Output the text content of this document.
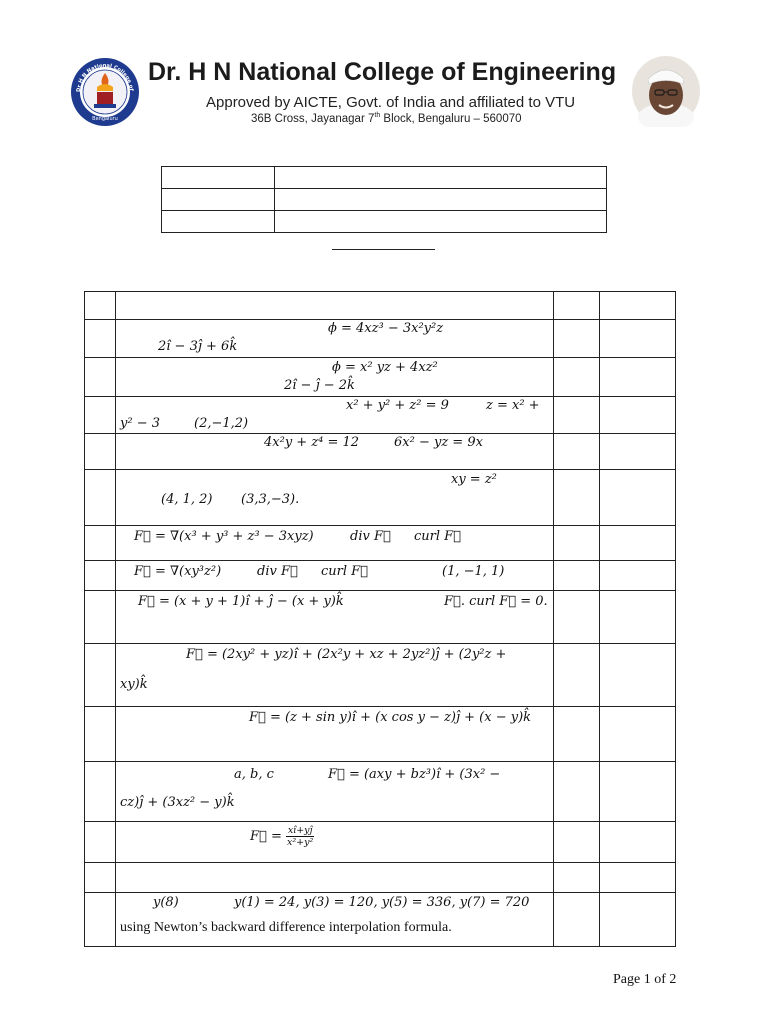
Dr H N National College of
Bengaluru
Dr. H N National College of Engineering
Approved by AICTE, Govt. of India and affiliated to VTU
36B Cross, Jayanagar 7th Block, Bengaluru – 560070

	ϕ = 4xz³ − 3x²y²z
2î − 3ĵ + 6k̂		

	ϕ = x² yz + 4xz²
2î − ĵ − 2k̂		

	x² + y² + z² = 9 z = x² +
y² − 3 (2,−1,2)		

	4x²y + z⁴ = 12 6x² − yz = 9x		

	xy = z²
(4, 1, 2) (3,3,−3).		

	F⃗ = ∇(x³ + y³ + z³ − 3xyz) div F⃗ curl F⃗		

	F⃗ = ∇(xy³z²) div F⃗ curl F⃗ (1, −1, 1)		

	F⃗ = (x + y + 1)î + ĵ − (x + y)k̂ F⃗. curl F⃗ = 0.		

	F⃗ = (2xy² + yz)î + (2x²y + xz + 2yz²)ĵ + (2y²z +
xy)k̂		

	F⃗ = (z + sin y)î + (x cos y − z)ĵ + (x − y)k̂		

	a, b, c F⃗ = (axy + bz³)î + (3x² −
cz)ĵ + (3xz² − y)k̂		

	F⃗ = $\frac{xî+yĵ}{\text{x²+y²}}$

	y(8) y(1) = 24, y(3) = 120, y(5) = 336, y(7) = 720
using Newton’s backward difference interpolation formula.		

Page 1 of 2
